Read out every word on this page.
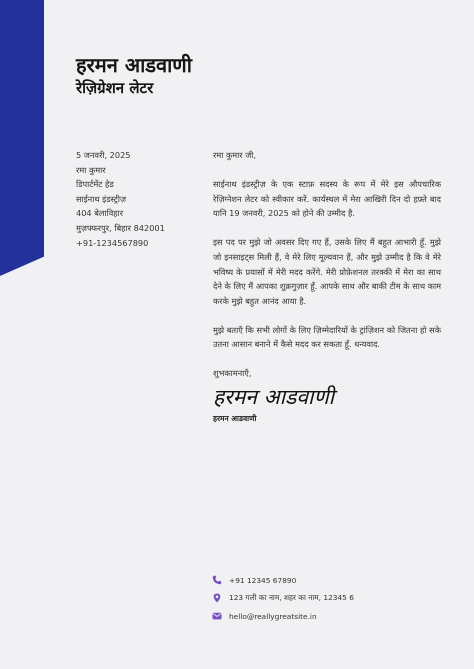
हरमन आडवाणी
रेज़िग्रेशन लेटर
5 जनवरी, 2025
रमा कुमार
डिपार्टमेंट हेड
साईनाथ इंडस्ट्रीज़
404 बेलाविहार
मुज़फ्फरपुर, बिहार 842001
+91-1234567890
रमा कुमार जी,

साईनाथ इंडस्ट्रीज़ के एक स्टाफ़ सदस्य के रूप में मेरे इस औपचारिक रेज़िग्नेशन लेटर को स्वीकार करें. कार्यस्थल में मेरा आखिरी दिन दो हफ़्ते बाद यानि 19 जनवरी, 2025 को होने की उम्मीद है.

इस पद पर मुझे जो अवसर दिए गए हैं, उसके लिए मैं बहुत आभारी हूँ. मुझे जो इनसाइट्स मिली हैं, वे मेरे लिए मूल्यवान हैं, और मुझे उम्मीद है कि वे मेरे भविष्य के प्रयासों में मेरी मदद करेंगे. मेरी प्रोफ़ेशनल तरक्की में मेरा का साथ देने के लिए मैं आपका शुक्रगुज़ार हूँ. आपके साथ और बाकी टीम के साथ काम करके मुझे बहुत आनंद आया है.

मुझे बताएँ कि सभी लोगों के लिए ज़िम्मेदारियों के ट्रांज़िशन को जितना हो सके उतना आसान बनाने में कैसे मदद कर सकता हूँ. धन्यवाद.

शुभकामनाएँ,
हरमन आडवाणी
हरमन आडवाणी
+91 12345 67890
123 गली का नाम, शहर का नाम, 12345 6
hello@reallygreatsite.in
